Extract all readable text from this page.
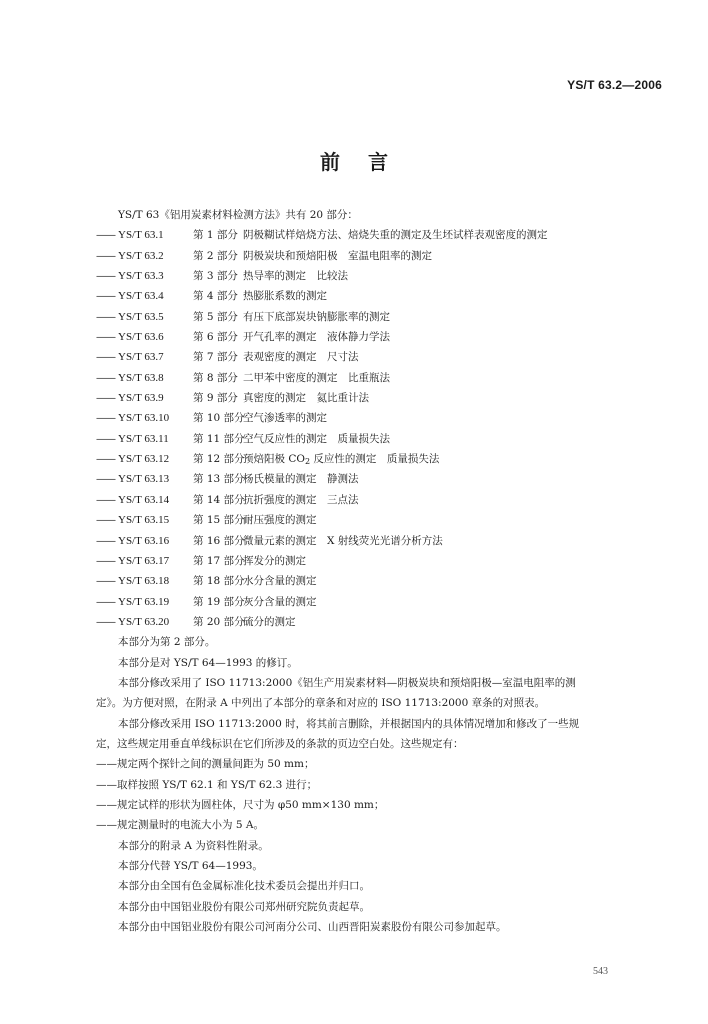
YS/T 63.2—2006
前言
YS/T 63《铝用炭素材料检测方法》共有 20 部分：
—— YS/T 63.1	第 1 部分 阴极糊试样焙烧方法、焙烧失重的测定及生坯试样表观密度的测定
—— YS/T 63.2	第 2 部分 阴极炭块和预焙阳极　室温电阻率的测定
—— YS/T 63.3	第 3 部分 热导率的测定　比较法
—— YS/T 63.4	第 4 部分 热膨胀系数的测定
—— YS/T 63.5	第 5 部分 有压下底部炭块钠膨胀率的测定
—— YS/T 63.6	第 6 部分 开气孔率的测定　液体静力学法
—— YS/T 63.7	第 7 部分 表观密度的测定　尺寸法
—— YS/T 63.8	第 8 部分 二甲苯中密度的测定　比重瓶法
—— YS/T 63.9	第 9 部分 真密度的测定　氦比重计法
—— YS/T 63.10	第 10 部分
空气渗透率的测定
—— YS/T 63.11	第 11 部分
空气反应性的测定　质量损失法
—— YS/T 63.12	第 12 部分
预焙阳极 $CO_2$ 反应性的测定　质量损失法
—— YS/T 63.13	第 13 部分
杨氏模量的测定　静测法
—— YS/T 63.14	第 14 部分
抗折强度的测定　三点法
—— YS/T 63.15	第 15 部分
耐压强度的测定
—— YS/T 63.16	第 16 部分
微量元素的测定　X 射线荧光光谱分析方法
—— YS/T 63.17	第 17 部分
挥发分的测定
—— YS/T 63.18	第 18 部分
水分含量的测定
—— YS/T 63.19	第 19 部分
灰分含量的测定
—— YS/T 63.20	第 20 部分
硫分的测定
本部分为第 2 部分。
本部分是对 YS/T 64—1993 的修订。
本部分修改采用了 ISO 11713:2000《铝生产用炭素材料—阴极炭块和预焙阳极—室温电阻率的测
定》。为方便对照，在附录 A 中列出了本部分的章条和对应的 ISO 11713:2000 章条的对照表。
本部分修改采用 ISO 11713:2000 时，将其前言删除，并根据国内的具体情况增加和修改了一些规
定，这些规定用垂直单线标识在它们所涉及的条款的页边空白处。这些规定有：
——规定两个探针之间的测量间距为 50 mm；
——取样按照 YS/T 62.1 和 YS/T 62.3 进行；
——规定试样的形状为圆柱体，尺寸为 φ50 mm×130 mm；
——规定测量时的电流大小为 5 A。
本部分的附录 A 为资料性附录。
本部分代替 YS/T 64—1993。
本部分由全国有色金属标准化技术委员会提出并归口。
本部分由中国铝业股份有限公司郑州研究院负责起草。
本部分由中国铝业股份有限公司河南分公司、山西晋阳炭素股份有限公司参加起草。
543
